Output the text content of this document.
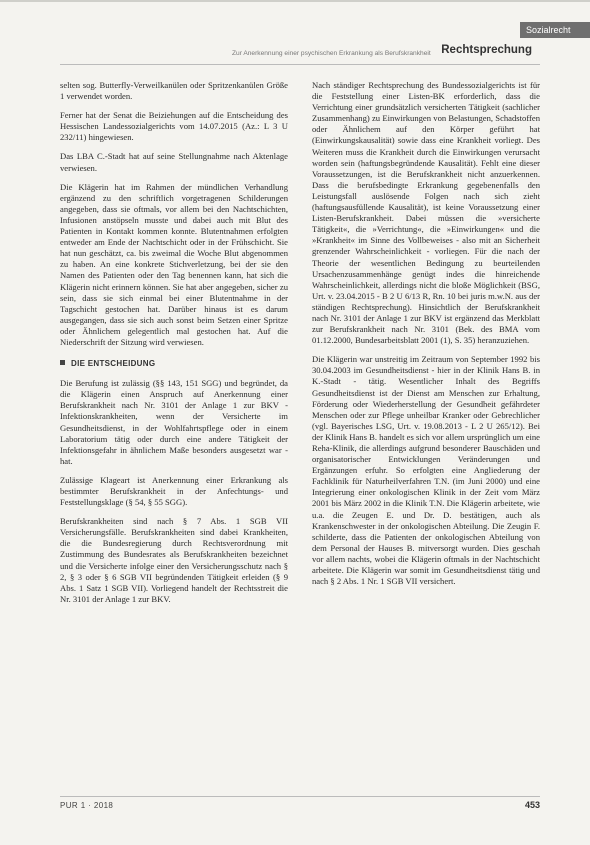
Sozialrecht
Zur Anerkennung einer psychischen Erkrankung als Berufskrankheit Rechtsprechung

selten sog. Butterfly-Verweilkanülen oder Spritzenkanülen Größe 1 verwendet worden.

Ferner hat der Senat die Beiziehungen auf die Entscheidung des Hessischen Landessozialgerichts vom 14.07.2015 (Az.: L 3 U 232/11) hingewiesen.

Das LBA C.-Stadt hat auf seine Stellungnahme nach Aktenlage verwiesen.

Die Klägerin hat im Rahmen der mündlichen Verhandlung ergänzend zu den schriftlich vorgetragenen Schilderungen angegeben, dass sie oftmals, vor allem bei den Nachtschichten, Infusionen anstöpseln musste und dabei auch mit Blut des Patienten in Kontakt kommen konnte. Blutentnahmen erfolgten entweder am Ende der Nachtschicht oder in der Frühschicht. Sie hat nun geschätzt, ca. bis zweimal die Woche Blut abgenommen zu haben. An eine konkrete Stichverletzung, bei der sie den Namen des Patienten oder den Tag benennen kann, hat sich die Klägerin nicht erinnern können. Sie hat aber angegeben, sicher zu sein, dass sie sich einmal bei einer Blutentnahme in der Tagschicht gestochen hat. Darüber hinaus ist es darum ausgegangen, dass sie sich auch sonst beim Setzen einer Spritze oder Ähnlichem gelegentlich mal gestochen hat. Auf die Niederschrift der Sitzung wird verwiesen.

DIE ENTSCHEIDUNG

Die Berufung ist zulässig (§§ 143, 151 SGG) und begründet, da die Klägerin einen Anspruch auf Anerkennung einer Berufskrankheit nach Nr. 3101 der Anlage 1 zur BKV - Infektionskrankheiten, wenn der Versicherte im Gesundheitsdienst, in der Wohlfahrtspflege oder in einem Laboratorium tätig oder durch eine andere Tätigkeit der Infektionsgefahr in ähnlichem Maße besonders ausgesetzt war - hat.

Zulässige Klageart ist Anerkennung einer Erkrankung als bestimmter Berufskrankheit in der Anfechtungs- und Feststellungsklage (§ 54, § 55 SGG).

Berufskrankheiten sind nach § 7 Abs. 1 SGB VII Versicherungsfälle. Berufskrankheiten sind dabei Krankheiten, die die Bundesregierung durch Rechtsverordnung mit Zustimmung des Bundesrates als Berufskrankheiten bezeichnet und die Versicherte infolge einer den Versicherungsschutz nach § 2, § 3 oder § 6 SGB VII begründenden Tätigkeit erleiden (§ 9 Abs. 1 Satz 1 SGB VII). Vorliegend handelt der Rechtsstreit die Nr. 3101 der Anlage 1 zur BKV.

Nach ständiger Rechtsprechung des Bundessozialgerichts ist für die Feststellung einer Listen-BK erforderlich, dass die Verrichtung einer grundsätzlich versicherten Tätigkeit (sachlicher Zusammenhang) zu Einwirkungen von Belastungen, Schadstoffen oder Ähnlichem auf den Körper geführt hat (Einwirkungskausalität) sowie dass eine Krankheit vorliegt. Des Weiteren muss die Krankheit durch die Einwirkungen verursacht worden sein (haftungsbegründende Kausalität). Fehlt eine dieser Voraussetzungen, ist die Berufskrankheit nicht anzuerkennen. Dass die berufsbedingte Erkrankung gegebenenfalls den Leistungsfall auslösende Folgen nach sich zieht (haftungsausfüllende Kausalität), ist keine Voraussetzung einer Listen-Berufskrankheit. Dabei müssen die »versicherte Tätigkeit«, die »Verrichtung«, die »Einwirkungen« und die »Krankheit« im Sinne des Vollbeweises - also mit an Sicherheit grenzender Wahrscheinlichkeit - vorliegen. Für die nach der Theorie der wesentlichen Bedingung zu beurteilenden Ursachenzusammenhänge genügt indes die hinreichende Wahrscheinlichkeit, allerdings nicht die bloße Möglichkeit (BSG, Urt. v. 23.04.2015 - B 2 U 6/13 R, Rn. 10 bei juris m.w.N. aus der ständigen Rechtsprechung). Hinsichtlich der Berufskrankheit nach Nr. 3101 der Anlage 1 zur BKV ist ergänzend das Merkblatt zur Berufskrankheit nach Nr. 3101 (Bek. des BMA vom 01.12.2000, Bundesarbeitsblatt 2001 (1), S. 35) heranzuziehen.

Die Klägerin war unstreitig im Zeitraum von September 1992 bis 30.04.2003 im Gesundheitsdienst - hier in der Klinik Hans B. in K.-Stadt - tätig. Wesentlicher Inhalt des Begriffs Gesundheitsdienst ist der Dienst am Menschen zur Erhaltung, Förderung oder Wiederherstellung der Gesundheit gefährdeter Menschen oder zur Pflege unheilbar Kranker oder Gebrechlicher (vgl. Bayerisches LSG, Urt. v. 19.08.2013 - L 2 U 265/12). Bei der Klinik Hans B. handelt es sich vor allem ursprünglich um eine Reha-Klinik, die allerdings aufgrund besonderer Bauschäden und organisatorischer Entwicklungen Veränderungen und Ergänzungen erfuhr. So erfolgten eine Angliederung der Fachklinik für Naturheilverfahren T.N. (im Juni 2000) und eine Integrierung einer onkologischen Klinik in der Zeit vom März 2001 bis März 2002 in die Klinik T.N. Die Klägerin arbeitete, wie u.a. die Zeugen E. und Dr. D. bestätigen, auch als Krankenschwester in der onkologischen Abteilung. Die Zeugin F. schilderte, dass die Patienten der onkologischen Abteilung von dem Personal der Hauses B. mitversorgt wurden. Dies geschah vor allem nachts, wobei die Klägerin oftmals in der Nachtschicht arbeitete. Die Klägerin war somit im Gesundheitsdienst tätig und nach § 2 Abs. 1 Nr. 1 SGB VII versichert.

PUR 1 · 2018	453
